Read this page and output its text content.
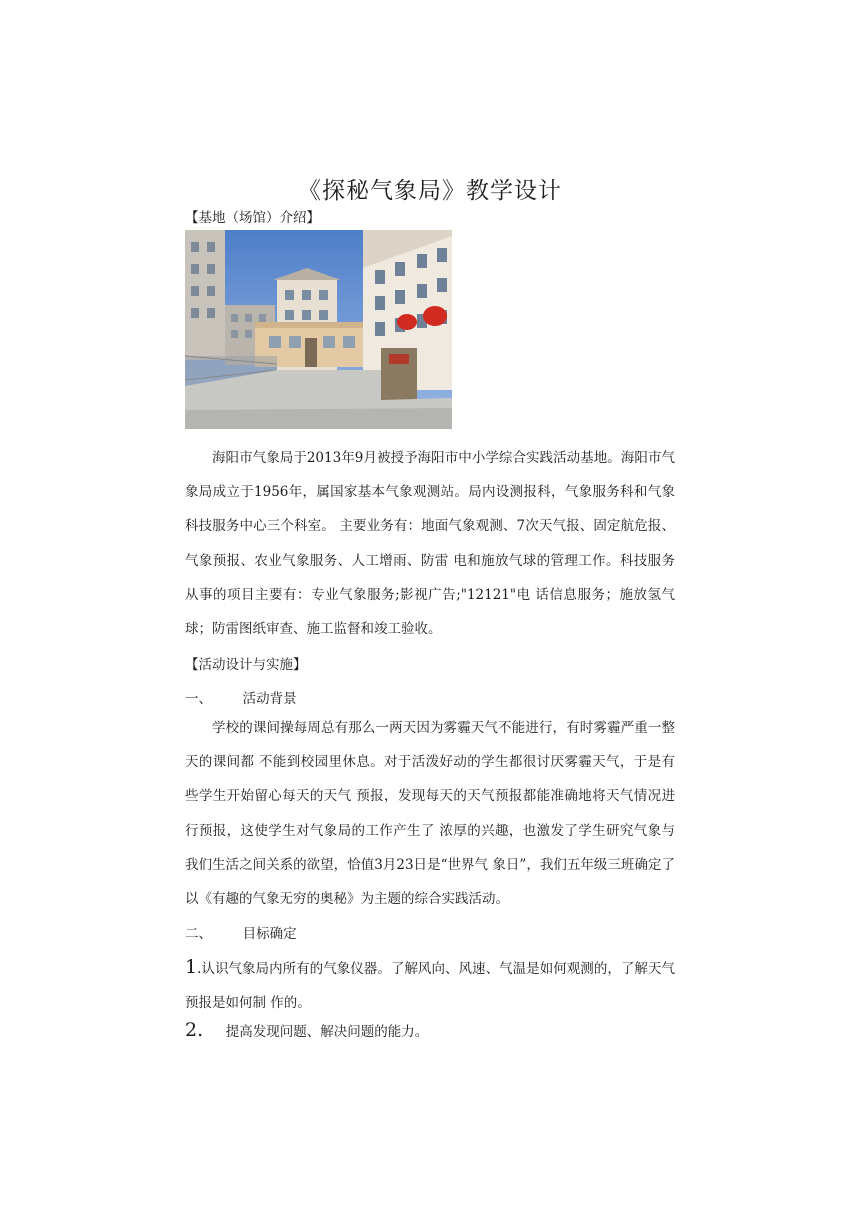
《探秘气象局》教学设计
【基地（场馆）介绍】

海阳市气象局于2013年9月被授予海阳市中小学综合实践活动基地。海阳市气象局成立于1956年，属国家基本气象观测站。局内设测报科，气象服务科和气象科技服务中心三个科室。 主要业务有：地面气象观测、7次天气报、固定航危报、气象预报、农业气象服务、人工增雨、防雷 电和施放气球的管理工作。科技服务从事的项目主要有：专业气象服务;影视广告;"12121"电 话信息服务；施放氢气球；防雷图纸审查、施工监督和竣工验收。

【活动设计与实施】
一、 活动背景

学校的课间操每周总有那么一两天因为雾霾天气不能进行，有时雾霾严重一整天的课间都 不能到校园里休息。对于活泼好动的学生都很讨厌雾霾天气，于是有些学生开始留心每天的天气 预报，发现每天的天气预报都能准确地将天气情况进行预报，这使学生对气象局的工作产生了 浓厚的兴趣，也激发了学生研究气象与我们生活之间关系的欲望，恰值3月23日是“世界气 象日”，我们五年级三班确定了以《有趣的气象无穷的奥秘》为主题的综合实践活动。

二、 目标确定

1.认识气象局内所有的气象仪器。了解风向、风速、气温是如何观测的，了解天气预报是如何制 作的。

2. 提高发现问题、解决问题的能力。
